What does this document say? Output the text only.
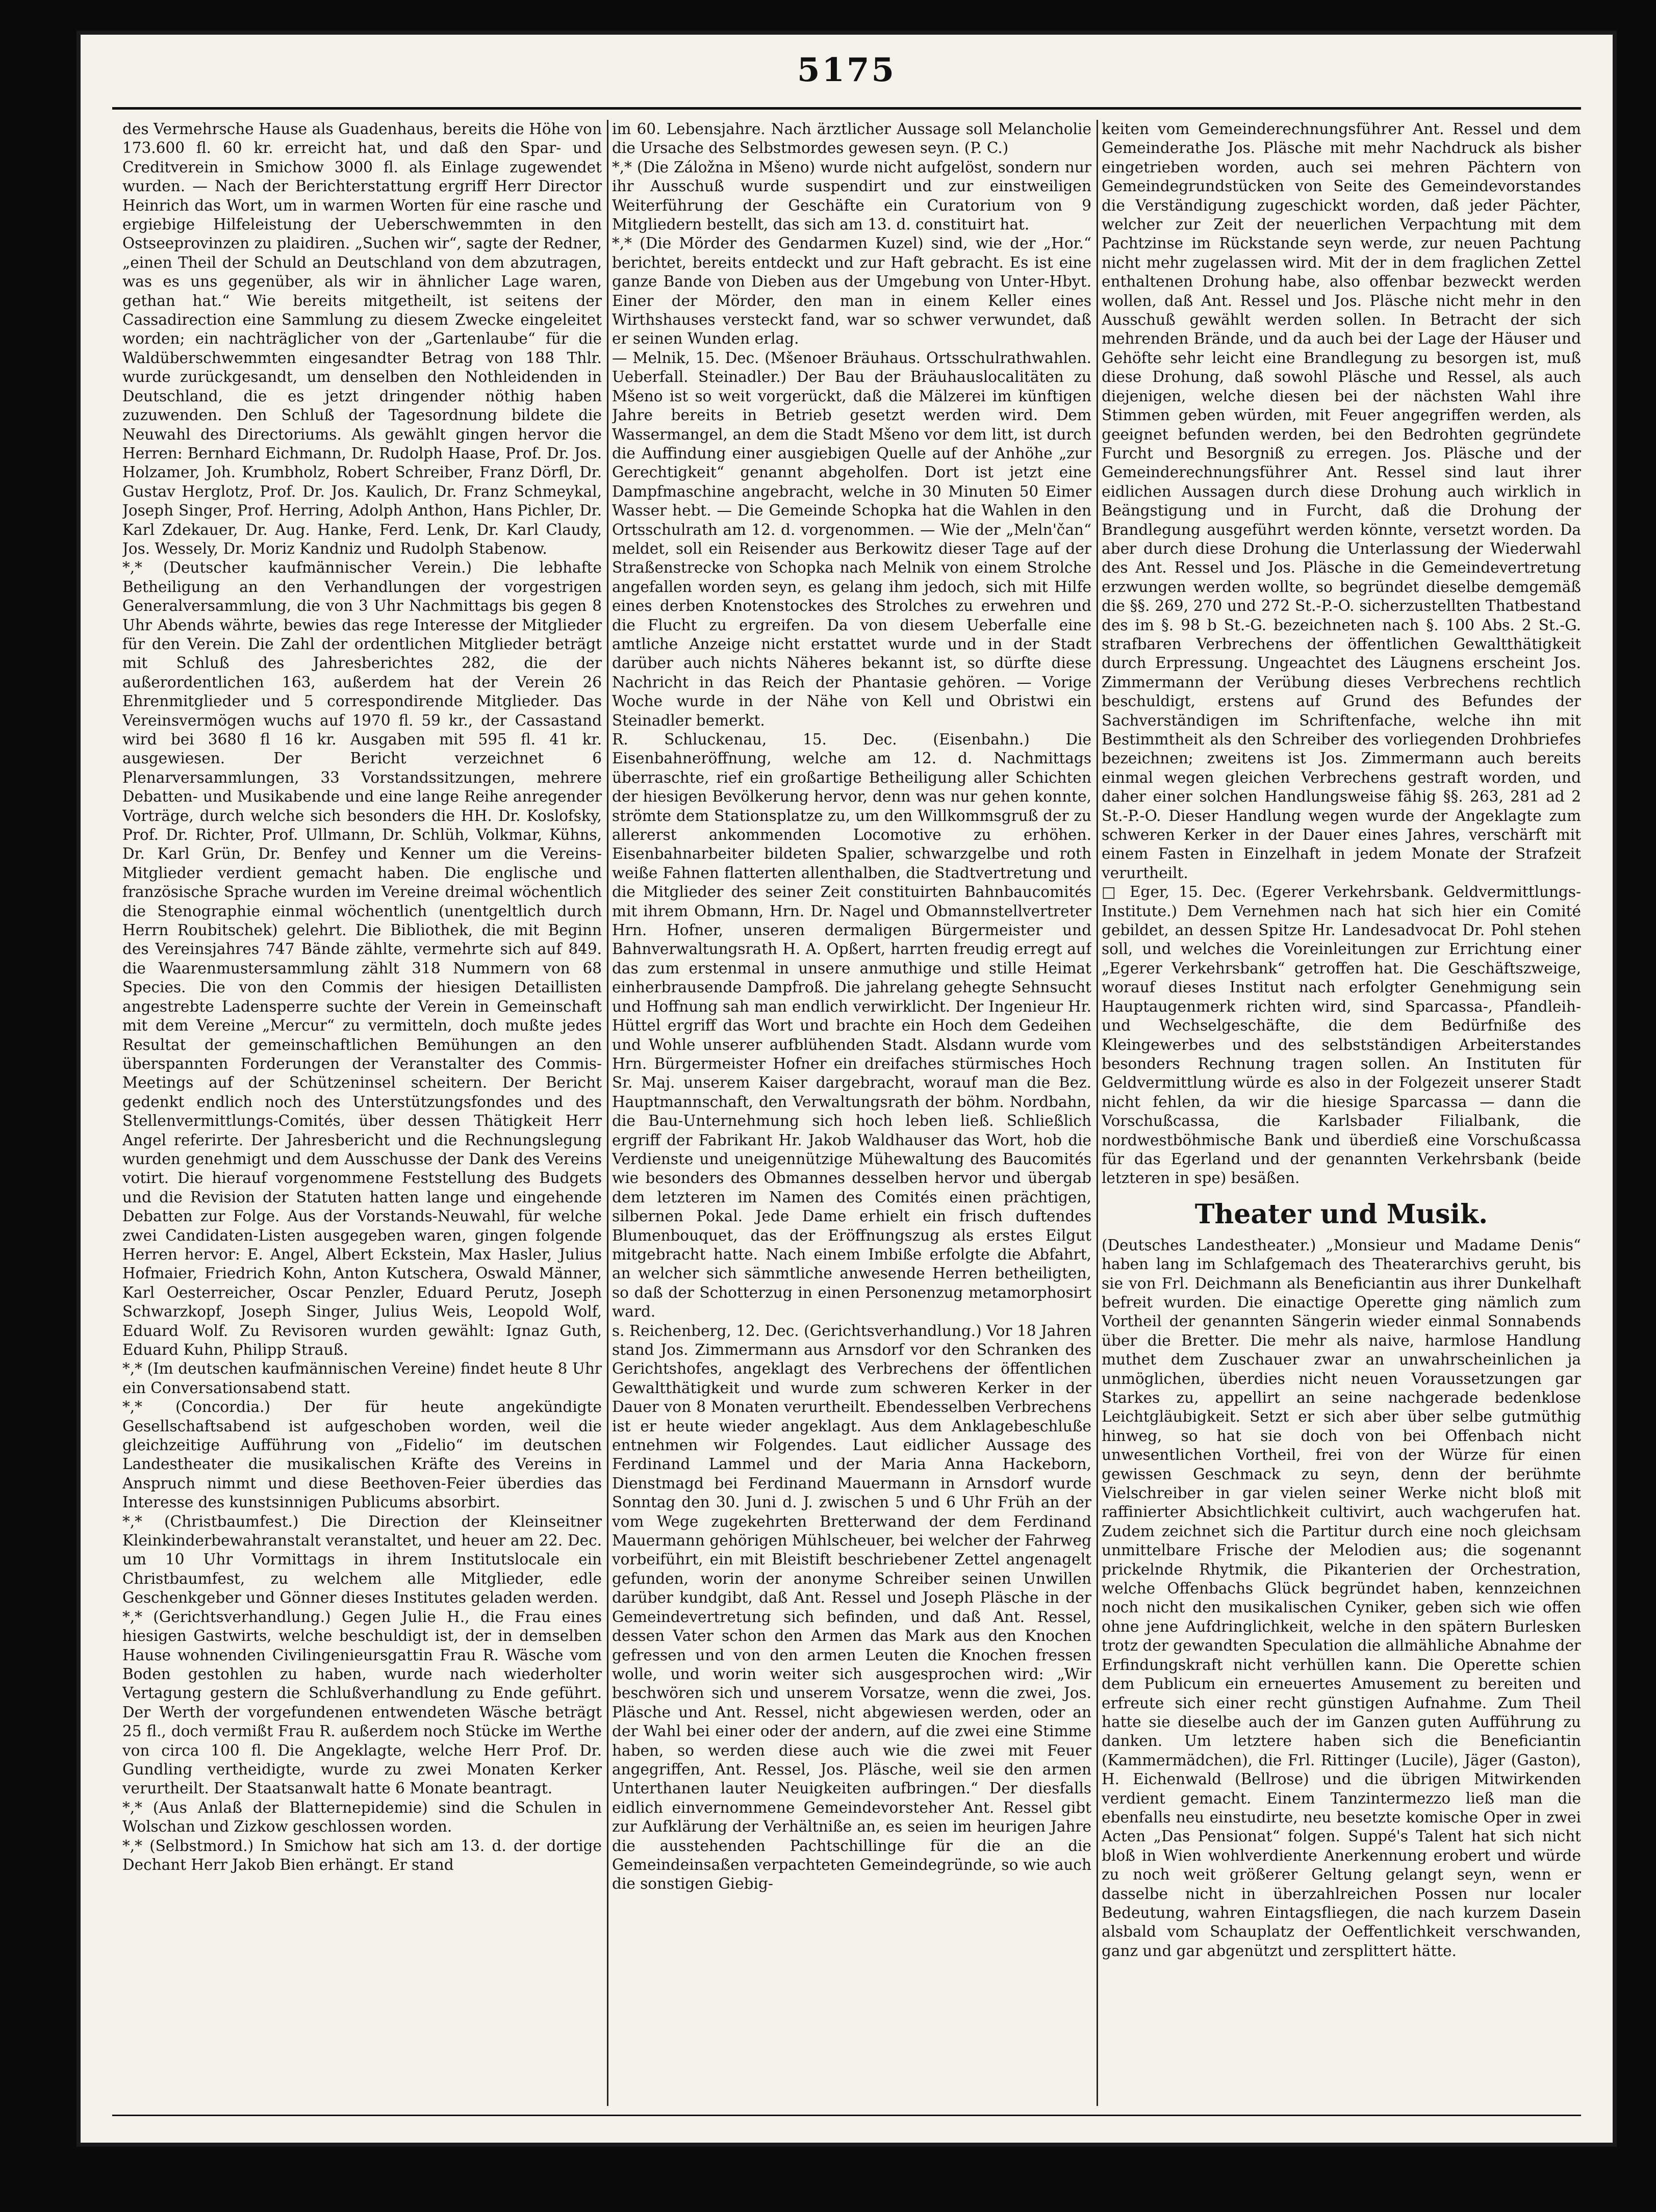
5175

des Vermehrsche Hause als Guadenhaus, bereits die Höhe von 173.600 fl. 60 kr. erreicht hat, und daß den Spar- und Creditverein in Smichow 3000 fl. als Einlage zugewendet wurden. — Nach der Berichterstattung ergriff Herr Director Heinrich das Wort, um in warmen Worten für eine rasche und ergiebige Hilfeleistung der Ueberschwemmten in den Ostseeprovinzen zu plaidiren. „Suchen wir“, sagte der Redner, „einen Theil der Schuld an Deutschland von dem abzutragen, was es uns gegenüber, als wir in ähnlicher Lage waren, gethan hat.“ Wie bereits mitgetheilt, ist seitens der Cassadirection eine Sammlung zu diesem Zwecke eingeleitet worden; ein nachträglicher von der „Gartenlaube“ für die Waldüberschwemmten eingesandter Betrag von 188 Thlr. wurde zurückgesandt, um denselben den Nothleidenden in Deutschland, die es jetzt dringender nöthig haben zuzuwenden. Den Schluß der Tagesordnung bildete die Neuwahl des Directoriums. Als gewählt gingen hervor die Herren: Bernhard Eichmann, Dr. Rudolph Haase, Prof. Dr. Jos. Holzamer, Joh. Krumbholz, Robert Schreiber, Franz Dörfl, Dr. Gustav Herglotz, Prof. Dr. Jos. Kaulich, Dr. Franz Schmeykal, Joseph Singer, Prof. Herring, Adolph Anthon, Hans Pichler, Dr. Karl Zdekauer, Dr. Aug. Hanke, Ferd. Lenk, Dr. Karl Claudy, Jos. Wessely, Dr. Moriz Kandniz und Rudolph Stabenow.

*,* (Deutscher kaufmännischer Verein.) Die lebhafte Betheiligung an den Verhandlungen der vorgestrigen Generalversammlung, die von 3 Uhr Nachmittags bis gegen 8 Uhr Abends währte, bewies das rege Interesse der Mitglieder für den Verein. Die Zahl der ordentlichen Mitglieder beträgt mit Schluß des Jahresberichtes 282, die der außerordentlichen 163, außerdem hat der Verein 26 Ehrenmitglieder und 5 correspondirende Mitglieder. Das Vereinsvermögen wuchs auf 1970 fl. 59 kr., der Cassastand wird bei 3680 fl 16 kr. Ausgaben mit 595 fl. 41 kr. ausgewiesen. Der Bericht verzeichnet 6 Plenarversammlungen, 33 Vorstandssitzungen, mehrere Debatten- und Musikabende und eine lange Reihe anregender Vorträge, durch welche sich besonders die HH. Dr. Koslofsky, Prof. Dr. Richter, Prof. Ullmann, Dr. Schlüh, Volkmar, Kühns, Dr. Karl Grün, Dr. Benfey und Kenner um die Vereins-Mitglieder verdient gemacht haben. Die englische und französische Sprache wurden im Vereine dreimal wöchentlich die Stenographie einmal wöchentlich (unentgeltlich durch Herrn Roubitschek) gelehrt. Die Bibliothek, die mit Beginn des Vereinsjahres 747 Bände zählte, vermehrte sich auf 849. die Waarenmustersammlung zählt 318 Nummern von 68 Species. Die von den Commis der hiesigen Detaillisten angestrebte Ladensperre suchte der Verein in Gemeinschaft mit dem Vereine „Mercur“ zu vermitteln, doch mußte jedes Resultat der gemeinschaftlichen Bemühungen an den überspannten Forderungen der Veranstalter des Commis-Meetings auf der Schützeninsel scheitern. Der Bericht gedenkt endlich noch des Unterstützungsfondes und des Stellenvermittlungs-Comités, über dessen Thätigkeit Herr Angel referirte. Der Jahresbericht und die Rechnungslegung wurden genehmigt und dem Ausschusse der Dank des Vereins votirt. Die hierauf vorgenommene Feststellung des Budgets und die Revision der Statuten hatten lange und eingehende Debatten zur Folge. Aus der Vorstands-Neuwahl, für welche zwei Candidaten-Listen ausgegeben waren, gingen folgende Herren hervor: E. Angel, Albert Eckstein, Max Hasler, Julius Hofmaier, Friedrich Kohn, Anton Kutschera, Oswald Männer, Karl Oesterreicher, Oscar Penzler, Eduard Perutz, Joseph Schwarzkopf, Joseph Singer, Julius Weis, Leopold Wolf, Eduard Wolf. Zu Revisoren wurden gewählt: Ignaz Guth, Eduard Kuhn, Philipp Strauß.

*,* (Im deutschen kaufmännischen Vereine) findet heute 8 Uhr ein Conversationsabend statt.

*,* (Concordia.) Der für heute angekündigte Gesellschaftsabend ist aufgeschoben worden, weil die gleichzeitige Aufführung von „Fidelio“ im deutschen Landestheater die musikalischen Kräfte des Vereins in Anspruch nimmt und diese Beethoven-Feier überdies das Interesse des kunstsinnigen Publicums absorbirt.

*,* (Christbaumfest.) Die Direction der Kleinseitner Kleinkinderbewahranstalt veranstaltet, und heuer am 22. Dec. um 10 Uhr Vormittags in ihrem Institutslocale ein Christbaumfest, zu welchem alle Mitglieder, edle Geschenkgeber und Gönner dieses Institutes geladen werden.

*,* (Gerichtsverhandlung.) Gegen Julie H., die Frau eines hiesigen Gastwirts, welche beschuldigt ist, der in demselben Hause wohnenden Civilingenieursgattin Frau R. Wäsche vom Boden gestohlen zu haben, wurde nach wiederholter Vertagung gestern die Schlußverhandlung zu Ende geführt. Der Werth der vorgefundenen entwendeten Wäsche beträgt 25 fl., doch vermißt Frau R. außerdem noch Stücke im Werthe von circa 100 fl. Die Angeklagte, welche Herr Prof. Dr. Gundling vertheidigte, wurde zu zwei Monaten Kerker verurtheilt. Der Staatsanwalt hatte 6 Monate beantragt.

*,* (Aus Anlaß der Blatternepidemie) sind die Schulen in Wolschan und Zizkow geschlossen worden.

*,* (Selbstmord.) In Smichow hat sich am 13. d. der dortige Dechant Herr Jakob Bien erhängt. Er stand

im 60. Lebensjahre. Nach ärztlicher Aussage soll Melancholie die Ursache des Selbstmordes gewesen seyn. (P. C.)

*,* (Die Záložna in Mšeno) wurde nicht aufgelöst, sondern nur ihr Ausschuß wurde suspendirt und zur einstweiligen Weiterführung der Geschäfte ein Curatorium von 9 Mitgliedern bestellt, das sich am 13. d. constituirt hat.

*,* (Die Mörder des Gendarmen Kuzel) sind, wie der „Hor.“ berichtet, bereits entdeckt und zur Haft gebracht. Es ist eine ganze Bande von Dieben aus der Umgebung von Unter-Hbyt. Einer der Mörder, den man in einem Keller eines Wirthshauses versteckt fand, war so schwer verwundet, daß er seinen Wunden erlag.

— Melnik, 15. Dec. (Mšenoer Bräuhaus. Ortsschulrathwahlen. Ueberfall. Steinadler.) Der Bau der Bräuhauslocalitäten zu Mšeno ist so weit vorgerückt, daß die Mälzerei im künftigen Jahre bereits in Betrieb gesetzt werden wird. Dem Wassermangel, an dem die Stadt Mšeno vor dem litt, ist durch die Auffindung einer ausgiebigen Quelle auf der Anhöhe „zur Gerechtigkeit“ genannt abgeholfen. Dort ist jetzt eine Dampfmaschine angebracht, welche in 30 Minuten 50 Eimer Wasser hebt. — Die Gemeinde Schopka hat die Wahlen in den Ortsschulrath am 12. d. vorgenommen. — Wie der „Meln'čan“ meldet, soll ein Reisender aus Berkowitz dieser Tage auf der Straßenstrecke von Schopka nach Melnik von einem Strolche angefallen worden seyn, es gelang ihm jedoch, sich mit Hilfe eines derben Knotenstockes des Strolches zu erwehren und die Flucht zu ergreifen. Da von diesem Ueberfalle eine amtliche Anzeige nicht erstattet wurde und in der Stadt darüber auch nichts Näheres bekannt ist, so dürfte diese Nachricht in das Reich der Phantasie gehören. — Vorige Woche wurde in der Nähe von Kell und Obristwi ein Steinadler bemerkt.

R. Schluckenau, 15. Dec. (Eisenbahn.) Die Eisenbahneröffnung, welche am 12. d. Nachmittags überraschte, rief ein großartige Betheiligung aller Schichten der hiesigen Bevölkerung hervor, denn was nur gehen konnte, strömte dem Stationsplatze zu, um den Willkommsgruß der zu allererst ankommenden Locomotive zu erhöhen. Eisenbahnarbeiter bildeten Spalier, schwarzgelbe und roth weiße Fahnen flatterten allenthalben, die Stadtvertretung und die Mitglieder des seiner Zeit constituirten Bahnbaucomités mit ihrem Obmann, Hrn. Dr. Nagel und Obmannstellvertreter Hrn. Hofner, unseren dermaligen Bürgermeister und Bahnverwaltungsrath H. A. Opßert, harrten freudig erregt auf das zum erstenmal in unsere anmuthige und stille Heimat einherbrausende Dampfroß. Die jahrelang gehegte Sehnsucht und Hoffnung sah man endlich verwirklicht. Der Ingenieur Hr. Hüttel ergriff das Wort und brachte ein Hoch dem Gedeihen und Wohle unserer aufblühenden Stadt. Alsdann wurde vom Hrn. Bürgermeister Hofner ein dreifaches stürmisches Hoch Sr. Maj. unserem Kaiser dargebracht, worauf man die Bez. Hauptmannschaft, den Verwaltungsrath der böhm. Nordbahn, die Bau-Unternehmung sich hoch leben ließ. Schließlich ergriff der Fabrikant Hr. Jakob Waldhauser das Wort, hob die Verdienste und uneigennützige Mühewaltung des Baucomités wie besonders des Obmannes desselben hervor und übergab dem letzteren im Namen des Comités einen prächtigen, silbernen Pokal. Jede Dame erhielt ein frisch duftendes Blumenbouquet, das der Eröffnungszug als erstes Eilgut mitgebracht hatte. Nach einem Imbiße erfolgte die Abfahrt, an welcher sich sämmtliche anwesende Herren betheiligten, so daß der Schotterzug in einen Personenzug metamorphosirt ward.

s. Reichenberg, 12. Dec. (Gerichtsverhandlung.) Vor 18 Jahren stand Jos. Zimmermann aus Arnsdorf vor den Schranken des Gerichtshofes, angeklagt des Verbrechens der öffentlichen Gewaltthätigkeit und wurde zum schweren Kerker in der Dauer von 8 Monaten verurtheilt. Ebendesselben Verbrechens ist er heute wieder angeklagt. Aus dem Anklagebeschluße entnehmen wir Folgendes. Laut eidlicher Aussage des Ferdinand Lammel und der Maria Anna Hackeborn, Dienstmagd bei Ferdinand Mauermann in Arnsdorf wurde Sonntag den 30. Juni d. J. zwischen 5 und 6 Uhr Früh an der vom Wege zugekehrten Bretterwand der dem Ferdinand Mauermann gehörigen Mühlscheuer, bei welcher der Fahrweg vorbeiführt, ein mit Bleistift beschriebener Zettel angenagelt gefunden, worin der anonyme Schreiber seinen Unwillen darüber kundgibt, daß Ant. Ressel und Joseph Pläsche in der Gemeindevertretung sich befinden, und daß Ant. Ressel, dessen Vater schon den Armen das Mark aus den Knochen gefressen und von den armen Leuten die Knochen fressen wolle, und worin weiter sich ausgesprochen wird: „Wir beschwören sich und unserem Vorsatze, wenn die zwei, Jos. Pläsche und Ant. Ressel, nicht abgewiesen werden, oder an der Wahl bei einer oder der andern, auf die zwei eine Stimme haben, so werden diese auch wie die zwei mit Feuer angegriffen, Ant. Ressel, Jos. Pläsche, weil sie den armen Unterthanen lauter Neuigkeiten aufbringen.“ Der diesfalls eidlich einvernommene Gemeindevorsteher Ant. Ressel gibt zur Aufklärung der Verhältniße an, es seien im heurigen Jahre die ausstehenden Pachtschillinge für die an die Gemeindeinsaßen verpachteten Gemeindegründe, so wie auch die sonstigen Giebig-

keiten vom Gemeinderechnungsführer Ant. Ressel und dem Gemeinderathe Jos. Pläsche mit mehr Nachdruck als bisher eingetrieben worden, auch sei mehren Pächtern von Gemeindegrundstücken von Seite des Gemeindevorstandes die Verständigung zugeschickt worden, daß jeder Pächter, welcher zur Zeit der neuerlichen Verpachtung mit dem Pachtzinse im Rückstande seyn werde, zur neuen Pachtung nicht mehr zugelassen wird. Mit der in dem fraglichen Zettel enthaltenen Drohung habe, also offenbar bezweckt werden wollen, daß Ant. Ressel und Jos. Pläsche nicht mehr in den Ausschuß gewählt werden sollen. In Betracht der sich mehrenden Brände, und da auch bei der Lage der Häuser und Gehöfte sehr leicht eine Brandlegung zu besorgen ist, muß diese Drohung, daß sowohl Pläsche und Ressel, als auch diejenigen, welche diesen bei der nächsten Wahl ihre Stimmen geben würden, mit Feuer angegriffen werden, als geeignet befunden werden, bei den Bedrohten gegründete Furcht und Besorgniß zu erregen. Jos. Pläsche und der Gemeinderechnungsführer Ant. Ressel sind laut ihrer eidlichen Aussagen durch diese Drohung auch wirklich in Beängstigung und in Furcht, daß die Drohung der Brandlegung ausgeführt werden könnte, versetzt worden. Da aber durch diese Drohung die Unterlassung der Wiederwahl des Ant. Ressel und Jos. Pläsche in die Gemeindevertretung erzwungen werden wollte, so begründet dieselbe demgemäß die §§. 269, 270 und 272 St.-P.-O. sicherzustellten Thatbestand des im §. 98 b St.-G. bezeichneten nach §. 100 Abs. 2 St.-G. strafbaren Verbrechens der öffentlichen Gewaltthätigkeit durch Erpressung. Ungeachtet des Läugnens erscheint Jos. Zimmermann der Verübung dieses Verbrechens rechtlich beschuldigt, erstens auf Grund des Befundes der Sachverständigen im Schriftenfache, welche ihn mit Bestimmtheit als den Schreiber des vorliegenden Drohbriefes bezeichnen; zweitens ist Jos. Zimmermann auch bereits einmal wegen gleichen Verbrechens gestraft worden, und daher einer solchen Handlungsweise fähig §§. 263, 281 ad 2 St.-P.-O. Dieser Handlung wegen wurde der Angeklagte zum schweren Kerker in der Dauer eines Jahres, verschärft mit einem Fasten in Einzelhaft in jedem Monate der Strafzeit verurtheilt.

□ Eger, 15. Dec. (Egerer Verkehrsbank. Geldvermittlungs-Institute.) Dem Vernehmen nach hat sich hier ein Comité gebildet, an dessen Spitze Hr. Landesadvocat Dr. Pohl stehen soll, und welches die Voreinleitungen zur Errichtung einer „Egerer Verkehrsbank“ getroffen hat. Die Geschäftszweige, worauf dieses Institut nach erfolgter Genehmigung sein Hauptaugenmerk richten wird, sind Sparcassa-, Pfandleih- und Wechselgeschäfte, die dem Bedürfniße des Kleingewerbes und des selbstständigen Arbeiterstandes besonders Rechnung tragen sollen. An Instituten für Geldvermittlung würde es also in der Folgezeit unserer Stadt nicht fehlen, da wir die hiesige Sparcassa — dann die Vorschußcassa, die Karlsbader Filialbank, die nordwestböhmische Bank und überdieß eine Vorschußcassa für das Egerland und der genannten Verkehrsbank (beide letzteren in spe) besäßen.

Theater und Musik.

(Deutsches Landestheater.) „Monsieur und Madame Denis“ haben lang im Schlafgemach des Theaterarchivs geruht, bis sie von Frl. Deichmann als Beneficiantin aus ihrer Dunkelhaft befreit wurden. Die einactige Operette ging nämlich zum Vortheil der genannten Sängerin wieder einmal Sonnabends über die Bretter. Die mehr als naive, harmlose Handlung muthet dem Zuschauer zwar an unwahrscheinlichen ja unmöglichen, überdies nicht neuen Voraussetzungen gar Starkes zu, appellirt an seine nachgerade bedenklose Leichtgläubigkeit. Setzt er sich aber über selbe gutmüthig hinweg, so hat sie doch von bei Offenbach nicht unwesentlichen Vortheil, frei von der Würze für einen gewissen Geschmack zu seyn, denn der berühmte Vielschreiber in gar vielen seiner Werke nicht bloß mit raffinierter Absichtlichkeit cultivirt, auch wachgerufen hat. Zudem zeichnet sich die Partitur durch eine noch gleichsam unmittelbare Frische der Melodien aus; die sogenannt prickelnde Rhytmik, die Pikanterien der Orchestration, welche Offenbachs Glück begründet haben, kennzeichnen noch nicht den musikalischen Cyniker, geben sich wie offen ohne jene Aufdringlichkeit, welche in den spätern Burlesken trotz der gewandten Speculation die allmähliche Abnahme der Erfindungskraft nicht verhüllen kann. Die Operette schien dem Publicum ein erneuertes Amusement zu bereiten und erfreute sich einer recht günstigen Aufnahme. Zum Theil hatte sie dieselbe auch der im Ganzen guten Aufführung zu danken. Um letztere haben sich die Beneficiantin (Kammermädchen), die Frl. Rittinger (Lucile), Jäger (Gaston), H. Eichenwald (Bellrose) und die übrigen Mitwirkenden verdient gemacht. Einem Tanzintermezzo ließ man die ebenfalls neu einstudirte, neu besetzte komische Oper in zwei Acten „Das Pensionat“ folgen. Suppé's Talent hat sich nicht bloß in Wien wohlverdiente Anerkennung erobert und würde zu noch weit größerer Geltung gelangt seyn, wenn er dasselbe nicht in überzahlreichen Possen nur localer Bedeutung, wahren Eintagsfliegen, die nach kurzem Dasein alsbald vom Schauplatz der Oeffentlichkeit verschwanden, ganz und gar abgenützt und zersplittert hätte.
